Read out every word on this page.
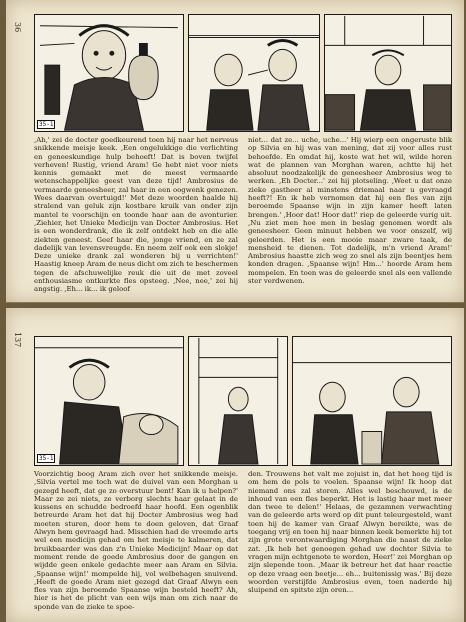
36
35-1

‚Ah,' zei de docter goedkeurend toen hij naar het nerveus snikkende meisje keek. ‚Een ongelukkige die verlichting en geneeskundige hulp behoeft! Dat is boven twijfel verheven! Rustig, vriend Aram! Ge hebt niet voor niets kennis gemaakt met de meest vermaarde wetenschappelijke geest van deze tijd! Ambrosius de vermaarde geneesheer, zal haar in een oogwenk genezen. Wees daarvan overtuigd!' Met deze woorden haalde hij stralend van geluk zijn kostbare kruik van onder zijn mantel te voorschijn en toonde haar aan de avonturier. ‚Ziehier, het Unieke Medicijn van Docter Ambrosius. Het is een wonderdrank, die ik zelf ontdekt heb en die alle ziekten geneest. Geef haar die, jonge vriend, en ze zal dadelijk van levensvreugde. En neem zelf ook een slokje! Deze unieke drank zal wonderen bij u verrichten!' Haastig kneep Aram de neus dicht om zich te beschermen tegen de afschuwelijke reuk die uit de met zoveel enthousiasme ontkurkte fles opsteeg. ‚Nee, nee,' zei hij angstig. ‚Eh... ik... ik geloof

niet... dat ze... uche, uche...' Hij wierp een ongeruste blik op Silvia en hij was van mening, dat zij voor alles rust behoefde. En omdat hij, koste wat het wil, wilde horen wat de plannen van Morghan waren, achtte hij het absoluut noodzakelijk de geneesheer Ambrosius weg te werken. ‚Eh Docter...' zei hij plotseling. ‚Weet u dat onze zieke gastheer al minstens driemaal naar u gevraagd heeft?! En ik heb vernomen dat hij een fles van zijn beroemde Spaanse wijn in zijn kamer heeft laten brengen.' ‚Hoor dat! Hoor dat!' riep de geleerde vurig uit. ‚Nu ziet men hoe men in beslag genomen wordt als geneesheer. Geen minuut hebben we voor onszelf, wij geleerden. Het is een mooie maar zware taak, de mensheid te dienen. Tot dadelijk, m'n vriend Aram!' Ambrosius haastte zich weg zo snel als zijn beentjes hem konden dragen. ‚Spaanse wijn! Hm...' hoorde Aram hem mompelen. En toen was de geleerde snel als een vallende ster verdwenen.

137
35-1

Voorzichtig boog Aram zich over het snikkende meisje. ‚Silvia vertel me toch wat de duivel van een Morghan u gezegd heeft, dat ge zo overstuur bent! Kan ik u helpen?' Maar ze zei niets, ze verborg slechts haar gelaat in de kussens en schudde bedroefd haar hoofd. Een ogenblik betreurde Aram het dat hij Docter Ambrosius weg had moeten sturen, door hem te doen geloven, dat Graaf Alwyn hem gevraagd had. Misschien had de vreemde arts wel een medicijn gehad om het meisje te kalmeren, dat bruikbaarder was dan z'n Unieke Medicijn! Maar op dat moment rende de goede Ambrosius door de gangen en wijdde geen enkele gedachte meer aan Aram en Silvia. ‚Spaanse wijn!' mompelde hij, vol welbehagen snuivend. ‚Heeft de goede Aram niet gezegd dat Graaf Alwyn een fles van zijn beroemde Spaanse wijn besteld heeft? Ah, hier is het de plicht van een wijs man om zich naar de sponde van de zieke te spoe-

den. Trouwens het valt me zojuist in, dat het hoog tijd is om hem de pols te voelen. Spaanse wijn! Ik hoop dat niemand ons zal storen. Alles wel beschouwd, is de inhoud van een fles beperkt. Het is lastig haar met meer dan twee te delen!' Helaas, de gezamnen verwachting van de geleerde arts werd op dit punt teleurgesteld, want toen hij de kamer van Graaf Alwyn bereikte, was de toegang vrij en toen hij naar binnen keek bemerkte hij tot zijn grote verontwaardiging Morghan die naast de zieke zat. ‚Ik heb het genoegen gehad uw dochter Silvia te vragen mijn echtgenote te worden, Heer!' zei Morghan op zijn slepende toon. ‚Maar ik betreur het dat haar reactie op deze vraag een beetje... eh... buitenissig was.' Bij deze woorden verstijfde Ambrosius even, toen naderde hij sluipend en spitste zijn oren...
